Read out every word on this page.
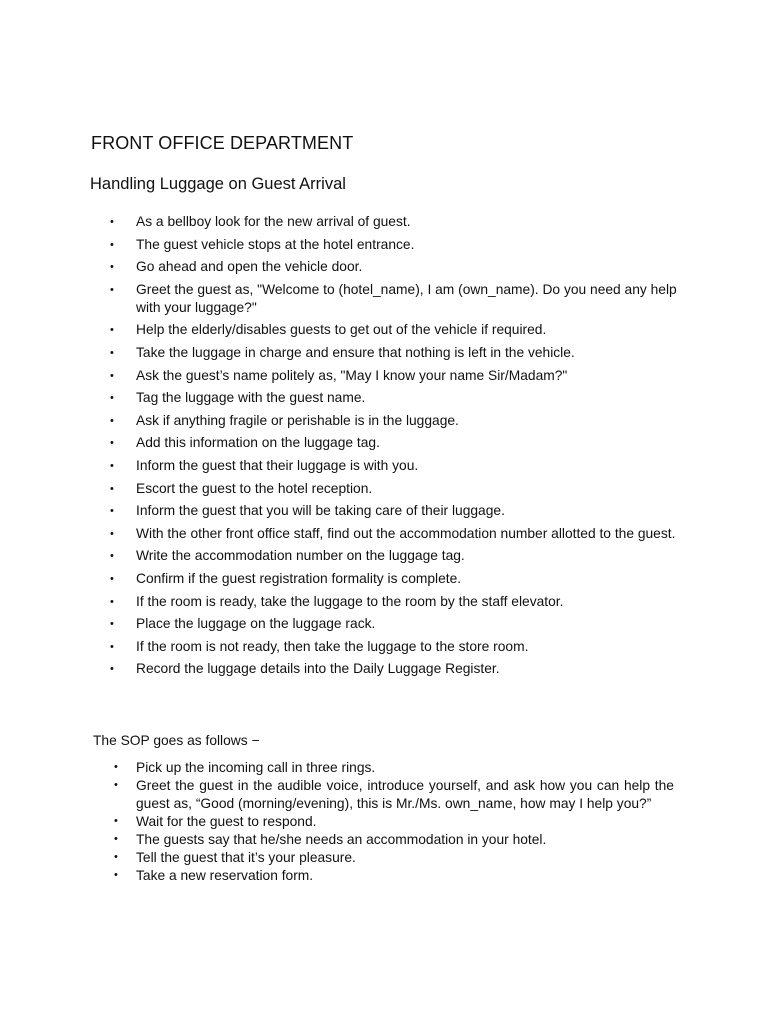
FRONT OFFICE DEPARTMENT
Handling Luggage on Guest Arrival
• As a bellboy look for the new arrival of guest.
• The guest vehicle stops at the hotel entrance.
• Go ahead and open the vehicle door.
• Greet the guest as, "Welcome to (hotel_name), I am (own_name). Do you need any help with your luggage?"
• Help the elderly/disables guests to get out of the vehicle if required.
• Take the luggage in charge and ensure that nothing is left in the vehicle.
• Ask the guest’s name politely as, "May I know your name Sir/Madam?"
• Tag the luggage with the guest name.
• Ask if anything fragile or perishable is in the luggage.
• Add this information on the luggage tag.
• Inform the guest that their luggage is with you.
• Escort the guest to the hotel reception.
• Inform the guest that you will be taking care of their luggage.
• With the other front office staff, find out the accommodation number allotted to the guest.
• Write the accommodation number on the luggage tag.
• Confirm if the guest registration formality is complete.
• If the room is ready, take the luggage to the room by the staff elevator.
• Place the luggage on the luggage rack.
• If the room is not ready, then take the luggage to the store room.
• Record the luggage details into the Daily Luggage Register.

The SOP goes as follows −

• Pick up the incoming call in three rings.
• Greet the guest in the audible voice, introduce yourself, and ask how you can help the guest as, “Good (morning/evening), this is Mr./Ms. own_name, how may I help you?”
• Wait for the guest to respond.
• The guests say that he/she needs an accommodation in your hotel.
• Tell the guest that it’s your pleasure.
• Take a new reservation form.
